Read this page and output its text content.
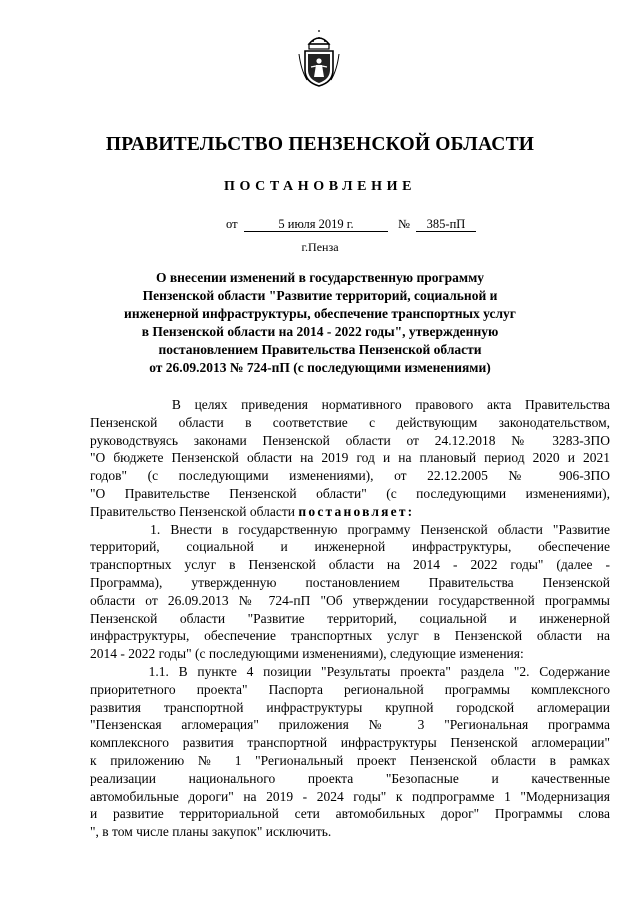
ПРАВИТЕЛЬСТВО ПЕНЗЕНСКОЙ ОБЛАСТИ
ПОСТАНОВЛЕНИЕ
от	5 июля 2019 г.	№	385-пП
г.Пенза
О внесении изменений в государственную программу
Пензенской области "Развитие территорий, социальной и
инженерной инфраструктуры, обеспечение транспортных услуг
в Пензенской области на 2014 - 2022 годы", утвержденную
постановлением Правительства Пензенской области
от 26.09.2013 № 724-пП (с последующими изменениями)
В целях приведения нормативного правового акта Правительства
Пензенской области в соответствие с действующим законодательством,
руководствуясь законами Пензенской области от 24.12.2018 № 3283-ЗПО
"О бюджете Пензенской области на 2019 год и на плановый период 2020 и 2021
годов" (с последующими изменениями), от 22.12.2005 № 906-ЗПО
"О Правительстве Пензенской области" (с последующими изменениями),
Правительство Пензенской области постановляет:
1. Внести в государственную программу Пензенской области "Развитие
территорий, социальной и инженерной инфраструктуры, обеспечение
транспортных услуг в Пензенской области на 2014 - 2022 годы" (далее -
Программа), утвержденную постановлением Правительства Пензенской
области от 26.09.2013 № 724-пП "Об утверждении государственной программы
Пензенской области "Развитие территорий, социальной и инженерной
инфраструктуры, обеспечение транспортных услуг в Пензенской области на
2014 - 2022 годы" (с последующими изменениями), следующие изменения:
1.1. В пункте 4 позиции "Результаты проекта" раздела "2. Содержание
приоритетного проекта" Паспорта региональной программы комплексного
развития транспортной инфраструктуры крупной городской агломерации
"Пензенская агломерация" приложения № 3 "Региональная программа
комплексного развития транспортной инфраструктуры Пензенской агломерации"
к приложению № 1 "Региональный проект Пензенской области в рамках
реализации национального проекта "Безопасные и качественные
автомобильные дороги" на 2019 - 2024 годы" к подпрограмме 1 "Модернизация
и развитие территориальной сети автомобильных дорог" Программы слова
", в том числе планы закупок" исключить.
